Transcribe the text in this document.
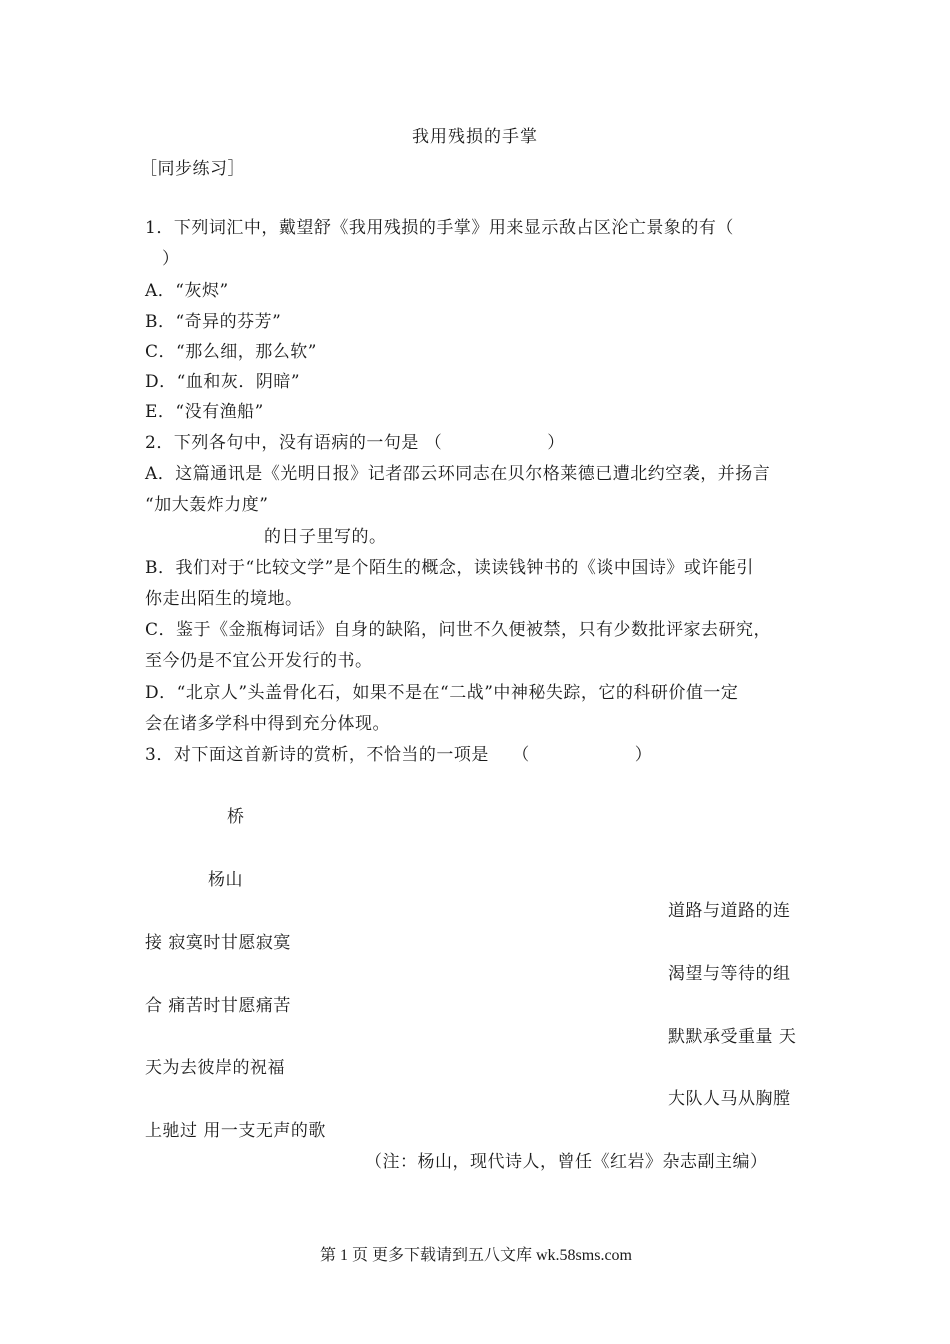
我用残损的手掌
［同步练习］
1．下列词汇中，戴望舒《我用残损的手掌》用来显示敌占区沦亡景象的有（
）
A．“灰烬”
B．“奇异的芬芳”
C．“那么细，那么软”
D．“血和灰．阴暗”
E．“没有渔船”
2．下列各句中，没有语病的一句是 （　　　　　　）
A．这篇通讯是《光明日报》记者邵云环同志在贝尔格莱德已遭北约空袭，并扬言
“加大轰炸力度”
的日子里写的。
B．我们对于“比较文学”是个陌生的概念，读读钱钟书的《谈中国诗》或许能引
你走出陌生的境地。
C．鉴于《金瓶梅词话》自身的缺陷，问世不久便被禁，只有少数批评家去研究，
至今仍是不宜公开发行的书。
D．“北京人”头盖骨化石，如果不是在“二战”中神秘失踪，它的科研价值一定
会在诸多学科中得到充分体现。
3．对下面这首新诗的赏析，不恰当的一项是　 （　　　　　　）
桥
杨山
道路与道路的连
接 寂寞时甘愿寂寞
渴望与等待的组
合 痛苦时甘愿痛苦
默默承受重量 天
天为去彼岸的祝福
大队人马从胸膛
上驰过 用一支无声的歌
（注：杨山，现代诗人，曾任《红岩》杂志副主编）
第 1 页 更多下载请到五八文库 wk.58sms.com
